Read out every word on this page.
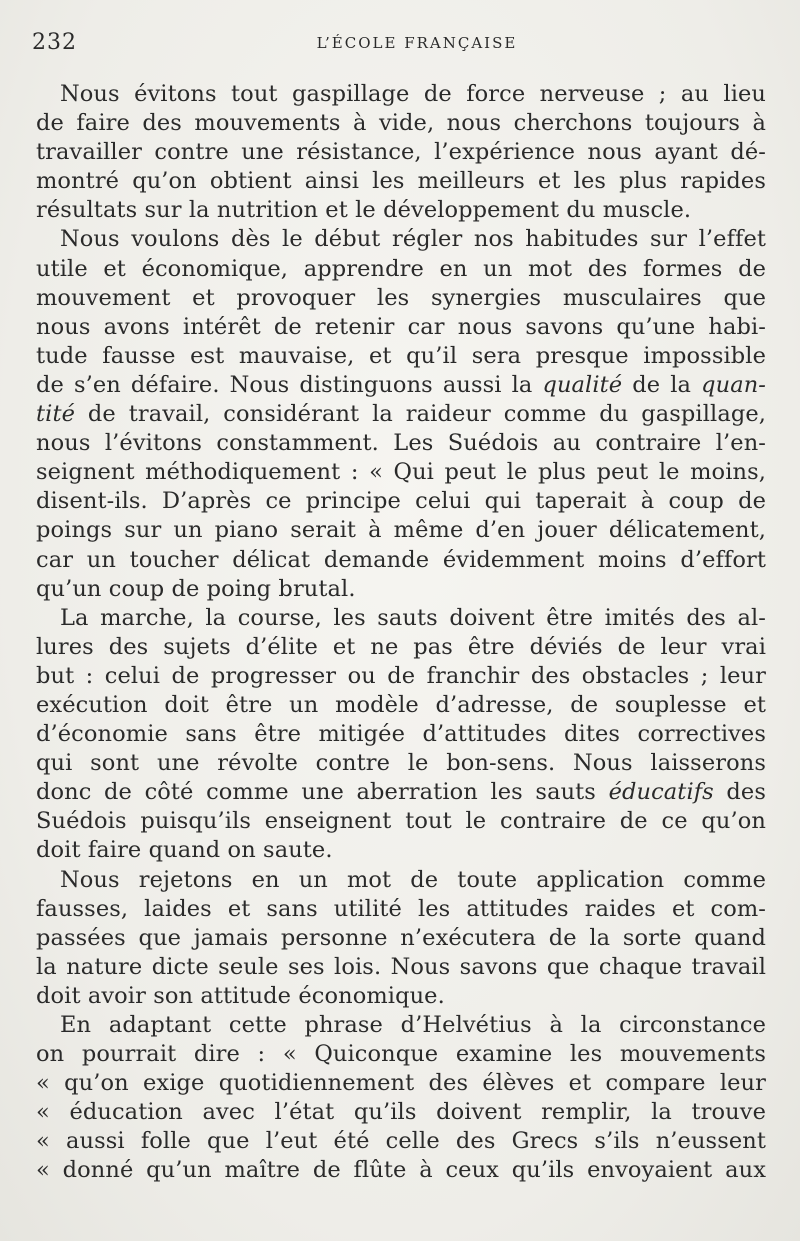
232	L’ÉCOLE FRANÇAISE
Nous évitons tout gaspillage de force nerveuse ; au lieu
de faire des mouvements à vide, nous cherchons toujours à
travailler contre une résistance, l’expérience nous ayant dé-
montré qu’on obtient ainsi les meilleurs et les plus rapides
résultats sur la nutrition et le développement du muscle.
Nous voulons dès le début régler nos habitudes sur l’effet
utile et économique, apprendre en un mot des formes de
mouvement et provoquer les synergies musculaires que
nous avons intérêt de retenir car nous savons qu’une habi-
tude fausse est mauvaise, et qu’il sera presque impossible
de s’en défaire. Nous distinguons aussi la qualité de la quan-
tité de travail, considérant la raideur comme du gaspillage,
nous l’évitons constamment. Les Suédois au contraire l’en-
seignent méthodiquement : « Qui peut le plus peut le moins,
disent-ils. D’après ce principe celui qui taperait à coup de
poings sur un piano serait à même d’en jouer délicatement,
car un toucher délicat demande évidemment moins d’effort
qu’un coup de poing brutal.
La marche, la course, les sauts doivent être imités des al-
lures des sujets d’élite et ne pas être déviés de leur vrai
but : celui de progresser ou de franchir des obstacles ; leur
exécution doit être un modèle d’adresse, de souplesse et
d’économie sans être mitigée d’attitudes dites correctives
qui sont une révolte contre le bon-sens. Nous laisserons
donc de côté comme une aberration les sauts éducatifs des
Suédois puisqu’ils enseignent tout le contraire de ce qu’on
doit faire quand on saute.
Nous rejetons en un mot de toute application comme
fausses, laides et sans utilité les attitudes raides et com-
passées que jamais personne n’exécutera de la sorte quand
la nature dicte seule ses lois. Nous savons que chaque travail
doit avoir son attitude économique.
En adaptant cette phrase d’Helvétius à la circonstance
on pourrait dire : « Quiconque examine les mouvements
« qu’on exige quotidiennement des élèves et compare leur
« éducation avec l’état qu’ils doivent remplir, la trouve
« aussi folle que l’eut été celle des Grecs s’ils n’eussent
« donné qu’un maître de flûte à ceux qu’ils envoyaient aux
